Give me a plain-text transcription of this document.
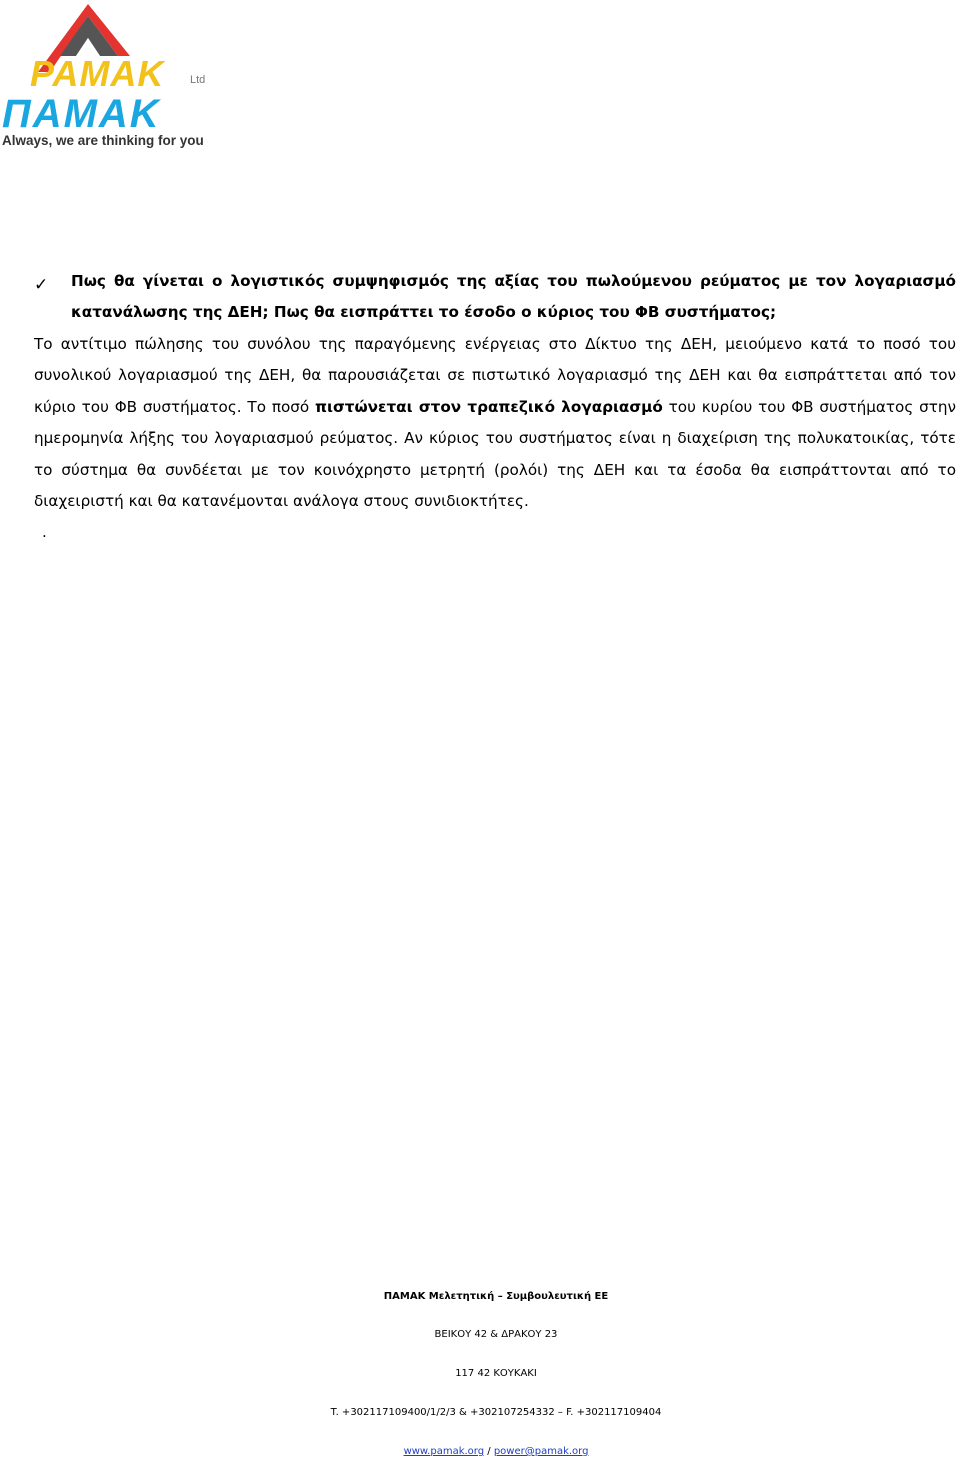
PAMAK Ltd
ΠΑΜΑΚ
Always, we are thinking for you
✓ Πως θα γίνεται ο λογιστικός συμψηφισμός της αξίας του πωλούμενου ρεύματος με τον λογαριασμό κατανάλωσης της ΔΕΗ; Πως θα εισπράττει το έσοδο ο κύριος του ΦΒ συστήματος;
Το αντίτιμο πώλησης του συνόλου της παραγόμενης ενέργειας στο Δίκτυο της ΔΕΗ, μειούμενο κατά το ποσό του συνολικού λογαριασμού της ΔΕΗ, θα παρουσιάζεται σε πιστωτικό λογαριασμό της ΔΕΗ και θα εισπράττεται από τον κύριο του ΦΒ συστήματος. Το ποσό πιστώνεται στον τραπεζικό λογαριασμό του κυρίου του ΦΒ συστήματος στην ημερομηνία λήξης του λογαριασμού ρεύματος. Αν κύριος του συστήματος είναι η διαχείριση της πολυκατοικίας, τότε το σύστημα θα συνδέεται με τον κοινόχρηστο μετρητή (ρολόι) της ΔΕΗ και τα έσοδα θα εισπράττονται από το διαχειριστή και θα κατανέμονται ανάλογα στους συνιδιοκτήτες.
.
ΠΑΜΑΚ Μελετητική – Συμβουλευτική ΕΕ
ΒΕΙΚΟΥ 42 & ΔΡΑΚΟΥ 23
117 42 ΚΟΥΚΑΚΙ
T. +302117109400/1/2/3 & +302107254332 – F. +302117109404
www.pamak.org / power@pamak.org
